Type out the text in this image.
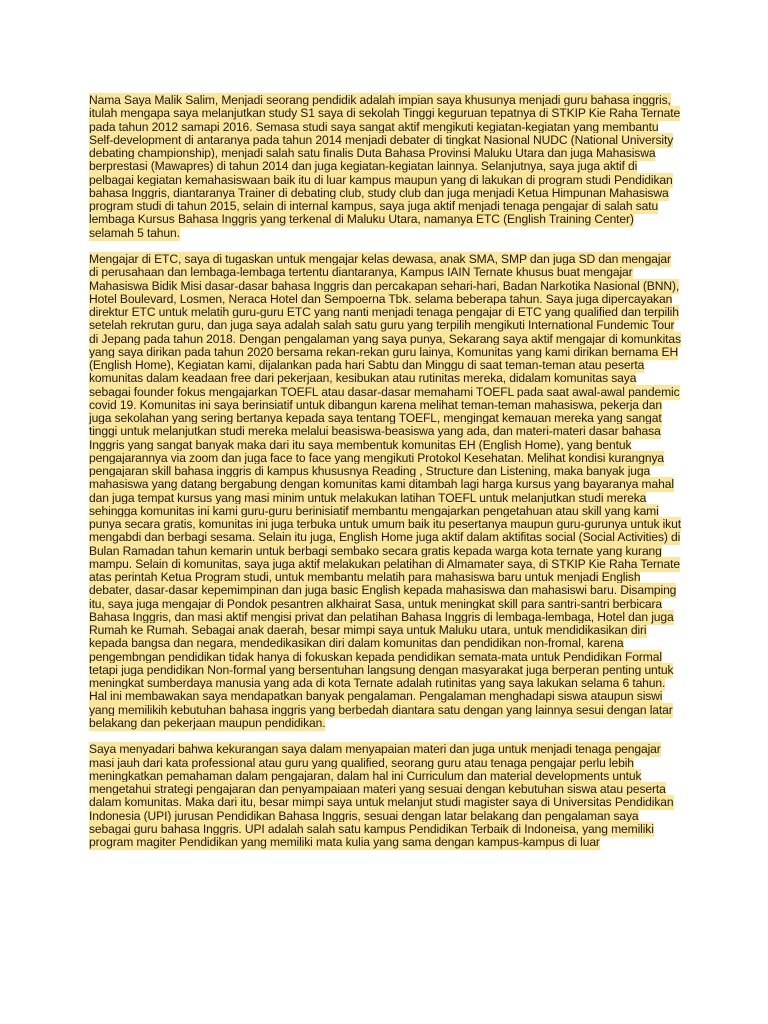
Nama Saya Malik Salim, Menjadi seorang pendidik adalah impian saya khusunya menjadi guru bahasa inggris, itulah mengapa saya melanjutkan study S1 saya di sekolah Tinggi keguruan tepatnya di STKIP Kie Raha Ternate pada tahun 2012 samapi 2016. Semasa studi saya sangat aktif mengikuti kegiatan-kegiatan yang membantu Self-development di antaranya pada tahun 2014 menjadi debater di tingkat Nasional NUDC (National University debating championship), menjadi salah satu finalis Duta Bahasa Provinsi Maluku Utara dan juga Mahasiswa berprestasi (Mawapres) di tahun 2014 dan juga kegiatan-kegiatan lainnya. Selanjutnya, saya juga aktif di pelbagai kegiatan kemahasiswaan baik itu di luar kampus maupun yang di lakukan di program studi Pendidikan bahasa Inggris, diantaranya Trainer di debating club, study club dan juga menjadi Ketua Himpunan Mahasiswa program studi di tahun 2015, selain di internal kampus, saya juga aktif menjadi tenaga pengajar di salah satu lembaga Kursus Bahasa Inggris yang terkenal di Maluku Utara, namanya ETC (English Training Center) selamah 5 tahun.

Mengajar di ETC, saya di tugaskan untuk mengajar kelas dewasa, anak SMA, SMP dan juga SD dan mengajar di perusahaan dan lembaga-lembaga tertentu diantaranya, Kampus IAIN Ternate khusus buat mengajar Mahasiswa Bidik Misi dasar-dasar bahasa Inggris dan percakapan sehari-hari, Badan Narkotika Nasional (BNN), Hotel Boulevard, Losmen, Neraca Hotel dan Sempoerna Tbk. selama beberapa tahun. Saya juga dipercayakan direktur ETC untuk melatih guru-guru ETC yang nanti menjadi tenaga pengajar di ETC yang qualified dan terpilih setelah rekrutan guru, dan juga saya adalah salah satu guru yang terpilih mengikuti International Fundemic Tour di Jepang pada tahun 2018. Dengan pengalaman yang saya punya, Sekarang saya aktif mengajar di komunkitas yang saya dirikan pada tahun 2020 bersama rekan-rekan guru lainya, Komunitas yang kami dirikan bernama EH (English Home), Kegiatan kami, dijalankan pada hari Sabtu dan Minggu di saat teman-teman atau peserta komunitas dalam keadaan free dari pekerjaan, kesibukan atau rutinitas mereka, didalam komunitas saya sebagai founder fokus mengajarkan TOEFL atau dasar-dasar memahami TOEFL pada saat awal-awal pandemic covid 19. Komunitas ini saya berinsiatif untuk dibangun karena melihat teman-teman mahasiswa, pekerja dan juga sekolahan yang sering bertanya kepada saya tentang TOEFL, mengingat kemauan mereka yang sangat tinggi untuk melanjutkan studi mereka melalui beasiswa-beasiswa yang ada, dan materi-materi dasar bahasa Inggris yang sangat banyak maka dari itu saya membentuk komunitas EH (English Home), yang bentuk pengajarannya via zoom dan juga face to face yang mengikuti Protokol Kesehatan. Melihat kondisi kurangnya pengajaran skill bahasa inggris di kampus khususnya Reading , Structure dan Listening, maka banyak juga mahasiswa yang datang bergabung dengan komunitas kami ditambah lagi harga kursus yang bayaranya mahal dan juga tempat kursus yang masi minim untuk melakukan latihan TOEFL untuk melanjutkan studi mereka sehingga komunitas ini kami guru-guru berinisiatif membantu mengajarkan pengetahuan atau skill yang kami punya secara gratis, komunitas ini juga terbuka untuk umum baik itu pesertanya maupun guru-gurunya untuk ikut mengabdi dan berbagi sesama. Selain itu juga, English Home juga aktif dalam aktifitas social (Social Activities) di Bulan Ramadan tahun kemarin untuk berbagi sembako secara gratis kepada warga kota ternate yang kurang mampu. Selain di komunitas, saya juga aktif melakukan pelatihan di Almamater saya, di STKIP Kie Raha Ternate atas perintah Ketua Program studi, untuk membantu melatih para mahasiswa baru untuk menjadi English debater, dasar-dasar kepemimpinan dan juga basic English kepada mahasiswa dan mahasiswi baru. Disamping itu, saya juga mengajar di Pondok pesantren alkhairat Sasa, untuk meningkat skill para santri-santri berbicara Bahasa Inggris, dan masi aktif mengisi privat dan pelatihan Bahasa Inggris di lembaga-lembaga, Hotel dan juga Rumah ke Rumah. Sebagai anak daerah, besar mimpi saya untuk Maluku utara, untuk mendidikasikan diri kepada bangsa dan negara, mendedikasikan diri dalam komunitas dan pendidikan non-fromal, karena pengembngan pendidikan tidak hanya di fokuskan kepada pendidikan semata-mata untuk Pendidikan Formal tetapi juga pendidikan Non-formal yang bersentuhan langsung dengan masyarakat juga berperan penting untuk meningkat sumberdaya manusia yang ada di kota Ternate adalah rutinitas yang saya lakukan selama 6 tahun. Hal ini membawakan saya mendapatkan banyak pengalaman. Pengalaman menghadapi siswa ataupun siswi yang memilikih kebutuhan bahasa inggris yang berbedah diantara satu dengan yang lainnya sesui dengan latar belakang dan pekerjaan maupun pendidikan.

Saya menyadari bahwa kekurangan saya dalam menyapaian materi dan juga untuk menjadi tenaga pengajar masi jauh dari kata professional atau guru yang qualified, seorang guru atau tenaga pengajar perlu lebih meningkatkan pemahaman dalam pengajaran, dalam hal ini Curriculum dan material developments untuk mengetahui strategi pengajaran dan penyampaiaan materi yang sesuai dengan kebutuhan siswa atau peserta dalam komunitas. Maka dari itu, besar mimpi saya untuk melanjut studi magister saya di Universitas Pendidikan Indonesia (UPI) jurusan Pendidikan Bahasa Inggris, sesuai dengan latar belakang dan pengalaman saya sebagai guru bahasa Inggris. UPI adalah salah satu kampus Pendidikan Terbaik di Indoneisa, yang memiliki program magiter Pendidikan yang memiliki mata kulia yang sama dengan kampus-kampus di luar
